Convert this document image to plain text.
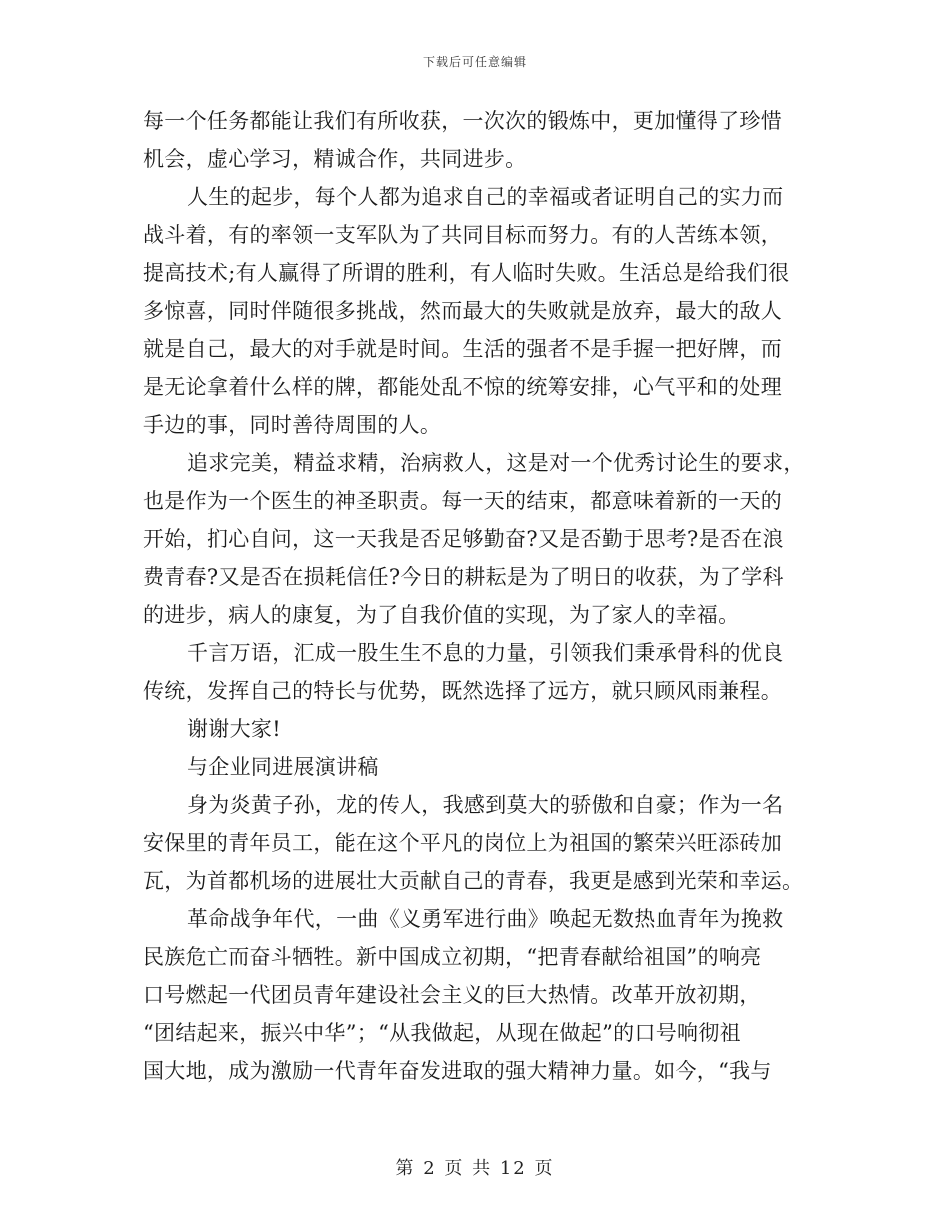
下载后可任意编辑
每一个任务都能让我们有所收获，一次次的锻炼中，更加懂得了珍惜
机会，虚心学习，精诚合作，共同进步。
人生的起步，每个人都为追求自己的幸福或者证明自己的实力而
战斗着，有的率领一支军队为了共同目标而努力。有的人苦练本领，
提高技术;有人赢得了所谓的胜利，有人临时失败。生活总是给我们很
多惊喜，同时伴随很多挑战，然而最大的失败就是放弃，最大的敌人
就是自己，最大的对手就是时间。生活的强者不是手握一把好牌，而
是无论拿着什么样的牌，都能处乱不惊的统筹安排，心气平和的处理
手边的事，同时善待周围的人。
追求完美，精益求精，治病救人，这是对一个优秀讨论生的要求，
也是作为一个医生的神圣职责。每一天的结束，都意味着新的一天的
开始，扪心自问，这一天我是否足够勤奋?又是否勤于思考?是否在浪
费青春?又是否在损耗信任?今日的耕耘是为了明日的收获，为了学科
的进步，病人的康复，为了自我价值的实现，为了家人的幸福。
千言万语，汇成一股生生不息的力量，引领我们秉承骨科的优良
传统，发挥自己的特长与优势，既然选择了远方，就只顾风雨兼程。
谢谢大家!
与企业同进展演讲稿
身为炎黄子孙，龙的传人，我感到莫大的骄傲和自豪；作为一名
安保里的青年员工，能在这个平凡的岗位上为祖国的繁荣兴旺添砖加
瓦，为首都机场的进展壮大贡献自己的青春，我更是感到光荣和幸运。
革命战争年代，一曲《义勇军进行曲》唤起无数热血青年为挽救
民族危亡而奋斗牺牲。新中国成立初期，“把青春献给祖国”的响亮
口号燃起一代团员青年建设社会主义的巨大热情。改革开放初期，
“团结起来，振兴中华”；“从我做起，从现在做起”的口号响彻祖
国大地，成为激励一代青年奋发进取的强大精神力量。如今，“我与
第 2 页 共 12 页
